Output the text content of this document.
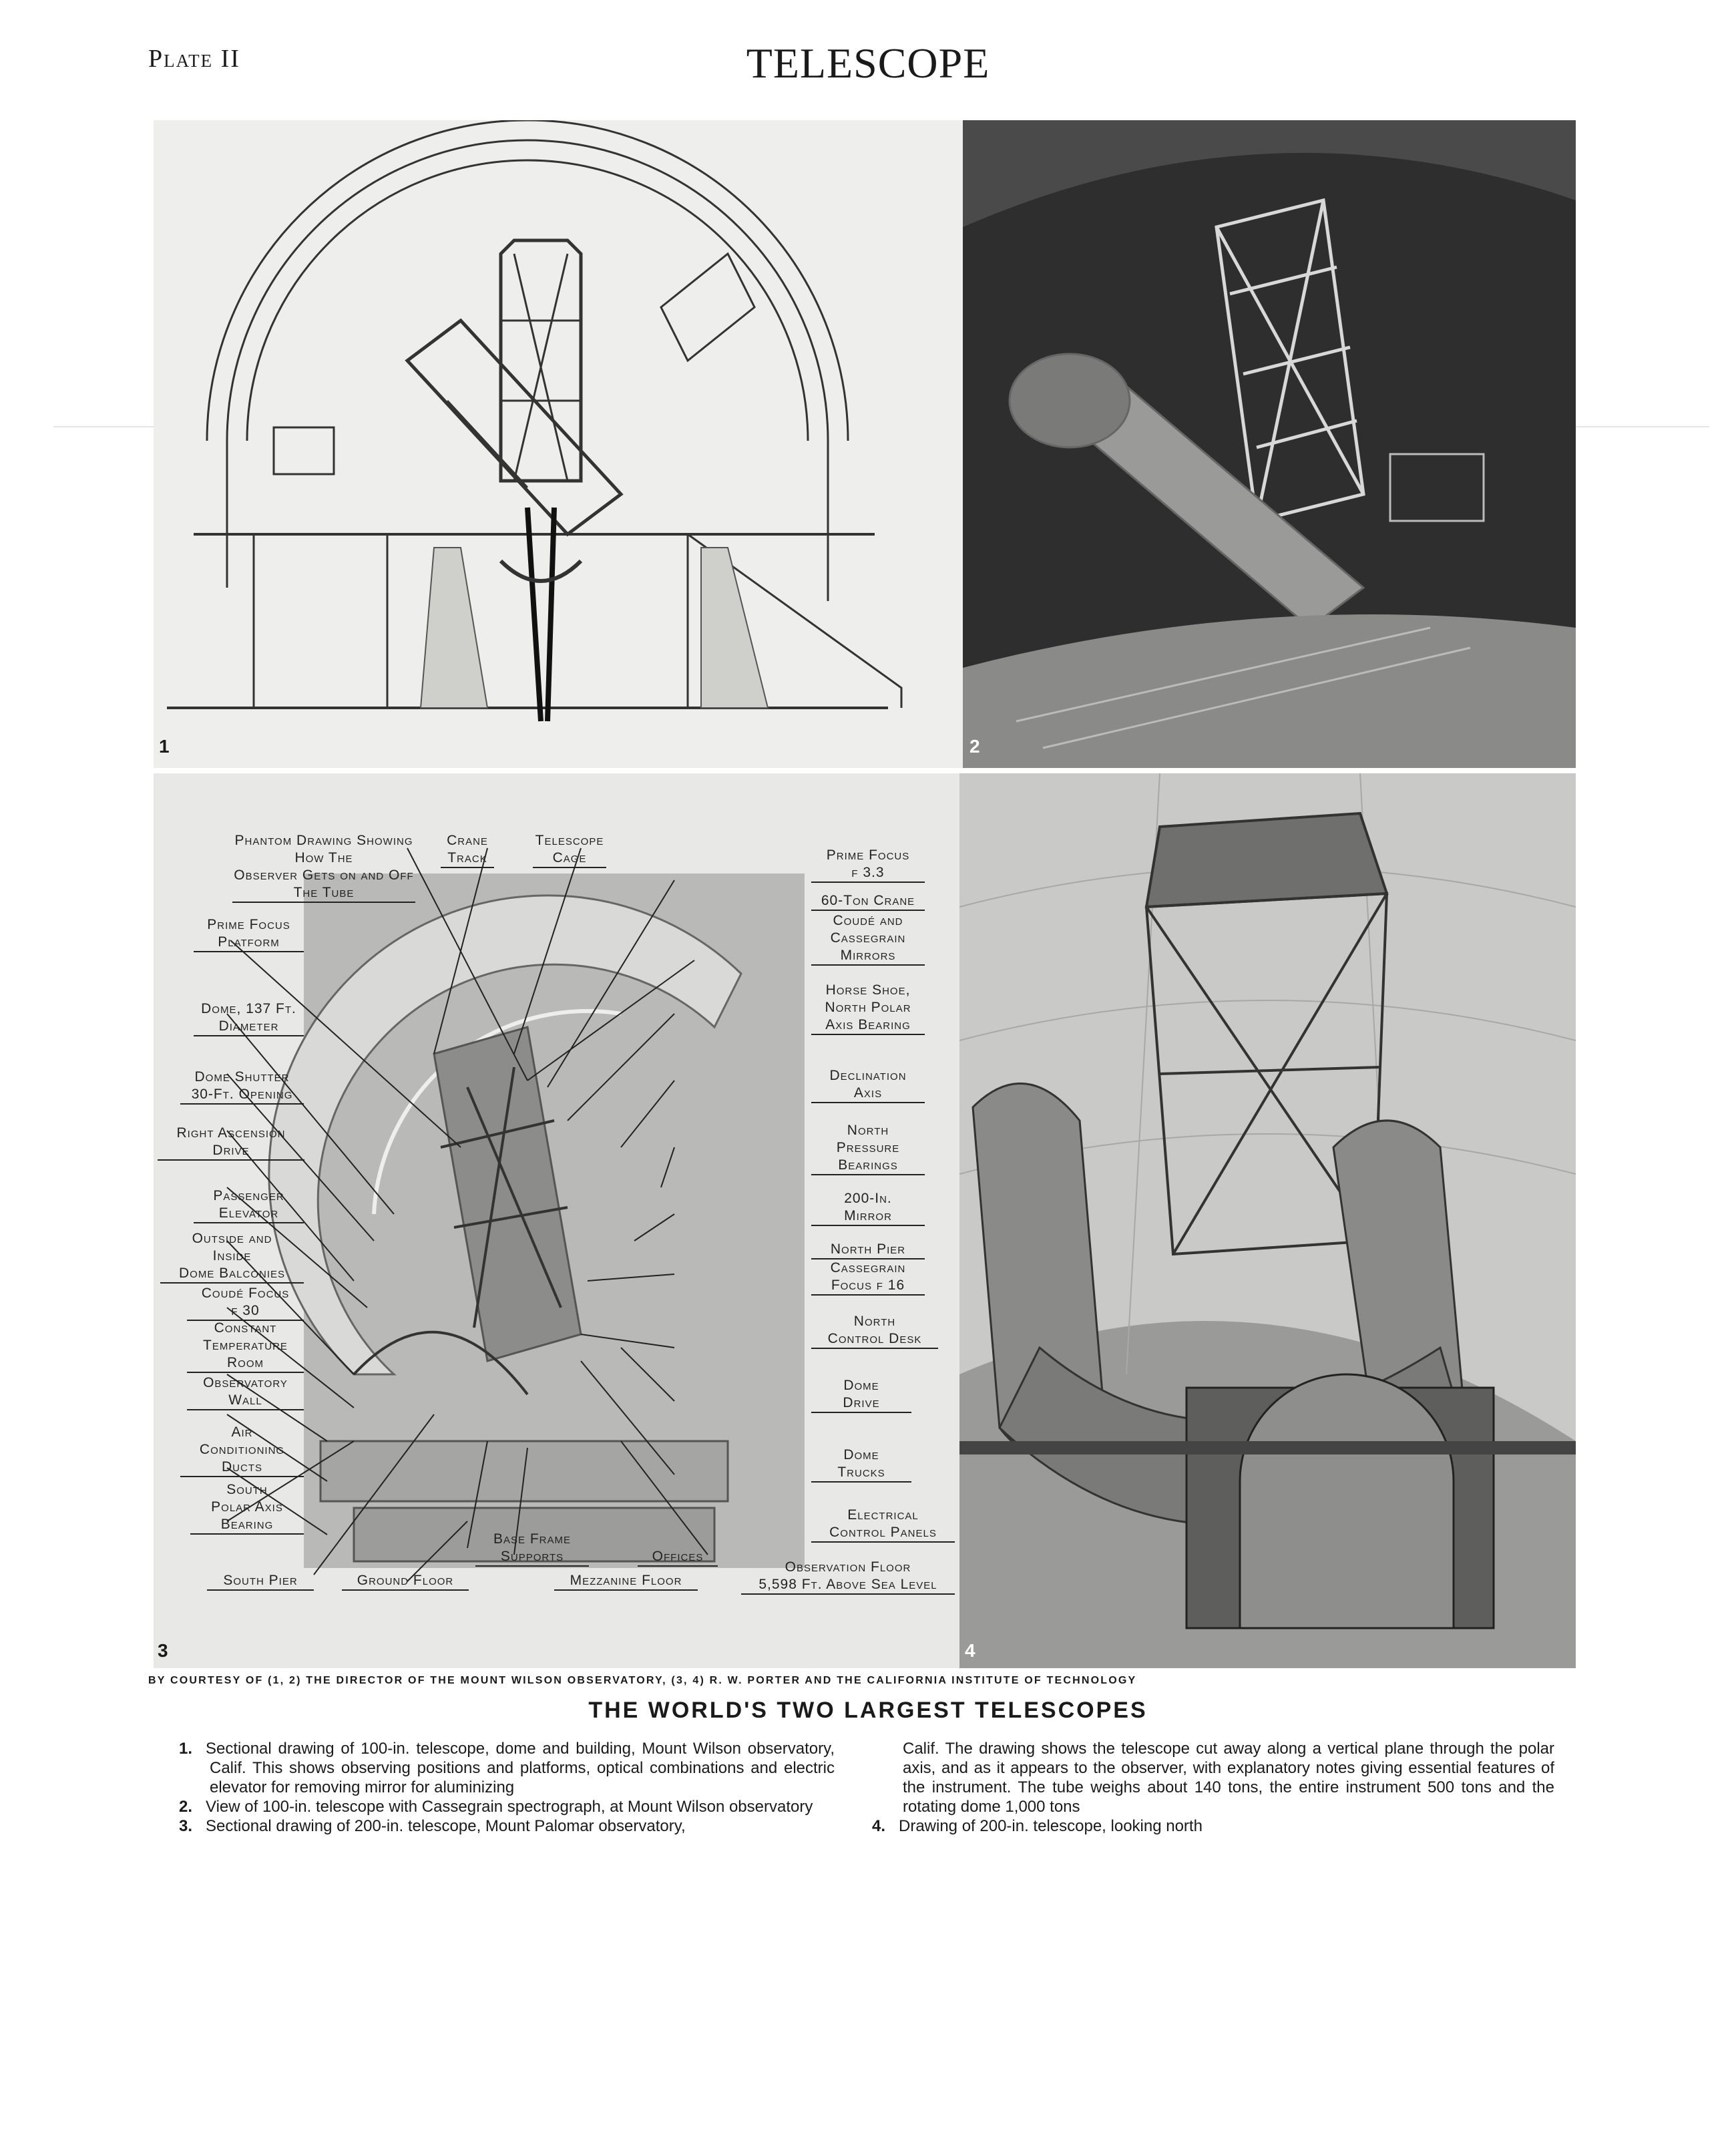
Plate II	TELESCOPE
1	2
Phantom Drawing Showing How The
Observer Gets on and Off The Tube
Crane
Track
Telescope
Cage	Prime Focus
f 3.3
60-Ton Crane
Coudé and
Cassegrain
Mirrors
Horse Shoe,
North Polar
Axis Bearing
Declination
Axis
North
Pressure
Bearings
200-In.
Mirror
North Pier
Cassegrain
Focus f 16
North
Control Desk
Dome
Drive
Dome
Trucks
Electrical
Control Panels
Observation Floor
5,598 Ft. Above Sea Level
Prime Focus
Platform
Dome, 137 Ft.
Diameter
Dome Shutter
30-Ft. Opening
Right Ascension
Drive
Passenger
Elevator
Outside and
Inside
Dome Balconies
Coudé Focus
f 30
Constant
Temperature
Room
Observatory
Wall
Air
Conditioning
Ducts
South
Polar Axis
Bearing
South Pier	Ground Floor
Base Frame
Supports
Mezzanine Floor
Offices
3	4
BY COURTESY OF (1, 2) THE DIRECTOR OF THE MOUNT WILSON OBSERVATORY, (3, 4) R. W. PORTER AND THE CALIFORNIA INSTITUTE OF TECHNOLOGY
THE WORLD'S TWO LARGEST TELESCOPES

1. Sectional drawing of 100-in. telescope, dome and building, Mount Wilson observatory, Calif. This shows observing positions and platforms, optical combinations and electric elevator for removing mirror for aluminizing

2. View of 100-in. telescope with Cassegrain spectrograph, at Mount Wilson observatory

3. Sectional drawing of 200-in. telescope, Mount Palomar observatory,

Calif. The drawing shows the telescope cut away along a vertical plane through the polar axis, and as it appears to the observer, with explanatory notes giving essential features of the instrument. The tube weighs about 140 tons, the entire instrument 500 tons and the rotating dome 1,000 tons

4. Drawing of 200-in. telescope, looking north
